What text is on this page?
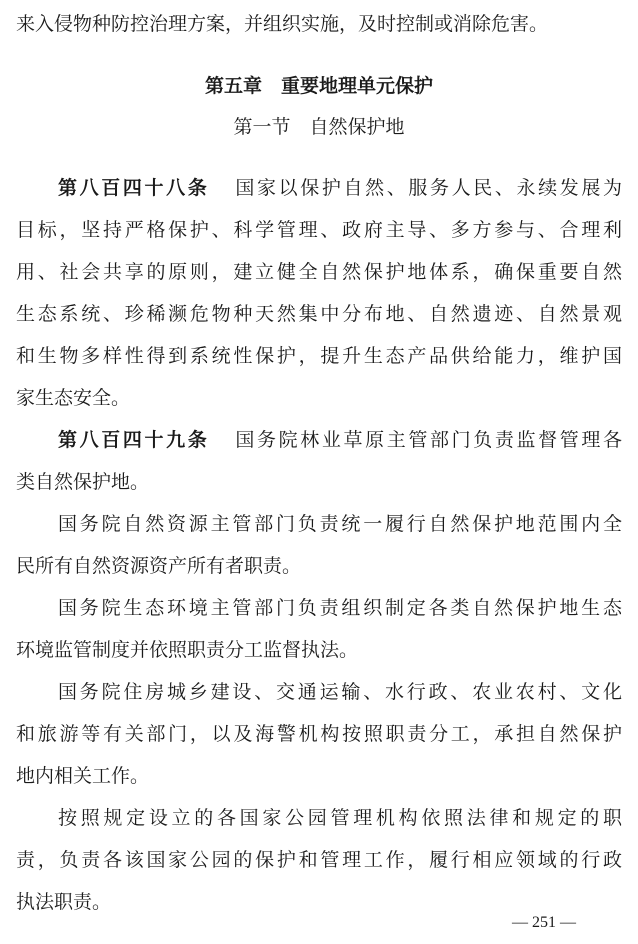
来入侵物种防控治理方案，并组织实施，及时控制或消除危害。
第五章　重要地理单元保护
第一节　自然保护地
第八百四十八条 国家以保护自然、服务人民、永续发展为
目标，坚持严格保护、科学管理、政府主导、多方参与、合理利
用、社会共享的原则，建立健全自然保护地体系，确保重要自然
生态系统、珍稀濒危物种天然集中分布地、自然遗迹、自然景观
和生物多样性得到系统性保护，提升生态产品供给能力，维护国
家生态安全。
第八百四十九条 国务院林业草原主管部门负责监督管理各
类自然保护地。
国务院自然资源主管部门负责统一履行自然保护地范围内全
民所有自然资源资产所有者职责。
国务院生态环境主管部门负责组织制定各类自然保护地生态
环境监管制度并依照职责分工监督执法。
国务院住房城乡建设、交通运输、水行政、农业农村、文化
和旅游等有关部门，以及海警机构按照职责分工，承担自然保护
地内相关工作。
按照规定设立的各国家公园管理机构依照法律和规定的职
责，负责各该国家公园的保护和管理工作，履行相应领域的行政
执法职责。
— 251 —
